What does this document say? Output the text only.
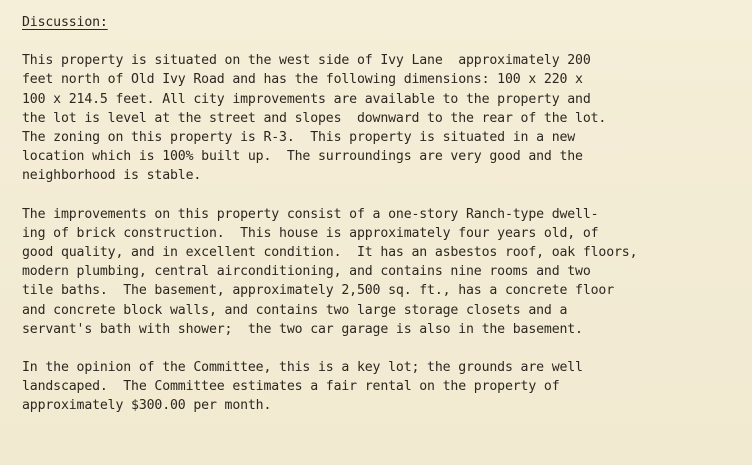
Discussion:
This property is situated on the west side of Ivy Lane  approximately 200
feet north of Old Ivy Road and has the following dimensions: 100 x 220 x
100 x 214.5 feet. All city improvements are available to the property and
the lot is level at the street and slopes  downward to the rear of the lot.
The zoning on this property is R-3.  This property is situated in a new
location which is 100% built up.  The surroundings are very good and the
neighborhood is stable.
The improvements on this property consist of a one-story Ranch-type dwell-
ing of brick construction.  This house is approximately four years old, of
good quality, and in excellent condition.  It has an asbestos roof, oak floors,
modern plumbing, central airconditioning, and contains nine rooms and two
tile baths.  The basement, approximately 2,500 sq. ft., has a concrete floor
and concrete block walls, and contains two large storage closets and a
servant's bath with shower;  the two car garage is also in the basement.
In the opinion of the Committee, this is a key lot; the grounds are well
landscaped.  The Committee estimates a fair rental on the property of
approximately $300.00 per month.
